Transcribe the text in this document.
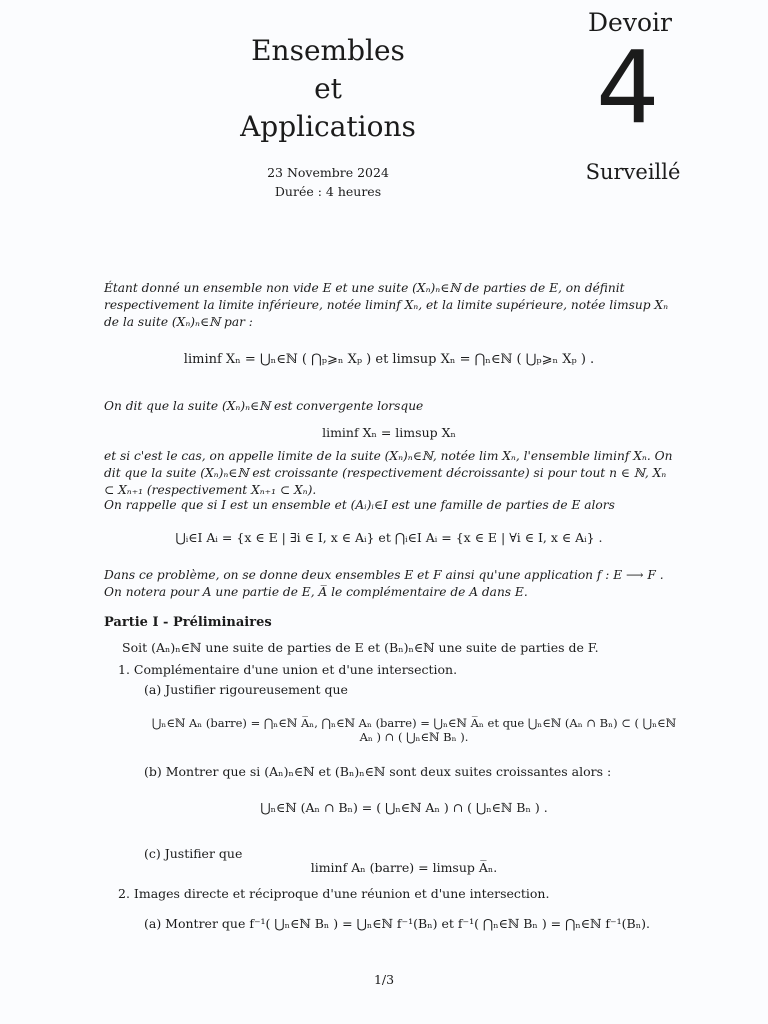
Ensembles
et
Applications
23 Novembre 2024
Durée : 4 heures
Devoir
4
Surveillé
Étant donné un ensemble non vide E et une suite (Xₙ)ₙ∈ℕ de parties de E, on définit respectivement la limite inférieure, notée liminf Xₙ, et la limite supérieure, notée limsup Xₙ de la suite (Xₙ)ₙ∈ℕ par :
liminf Xₙ = ⋃ₙ∈ℕ ( ⋂ₚ⩾ₙ Xₚ ) et limsup Xₙ = ⋂ₙ∈ℕ ( ⋃ₚ⩾ₙ Xₚ ) .
On dit que la suite (Xₙ)ₙ∈ℕ est convergente lorsque
liminf Xₙ = limsup Xₙ
et si c'est le cas, on appelle limite de la suite (Xₙ)ₙ∈ℕ, notée lim Xₙ, l'ensemble liminf Xₙ. On dit que la suite (Xₙ)ₙ∈ℕ est croissante (respectivement décroissante) si pour tout n ∈ ℕ, Xₙ ⊂ Xₙ₊₁ (respectivement Xₙ₊₁ ⊂ Xₙ).
On rappelle que si I est un ensemble et (Aᵢ)ᵢ∈I est une famille de parties de E alors
⋃ᵢ∈I Aᵢ = {x ∈ E | ∃i ∈ I, x ∈ Aᵢ} et ⋂ᵢ∈I Aᵢ = {x ∈ E | ∀i ∈ I, x ∈ Aᵢ} .
Dans ce problème, on se donne deux ensembles E et F ainsi qu'une application f : E ⟶ F .
On notera pour A une partie de E, A̅ le complémentaire de A dans E.
Partie I - Préliminaires
Soit (Aₙ)ₙ∈ℕ une suite de parties de E et (Bₙ)ₙ∈ℕ une suite de parties de F.
1. Complémentaire d'une union et d'une intersection.
(a) Justifier rigoureusement que
⋃ₙ∈ℕ Aₙ (barre) = ⋂ₙ∈ℕ A̅ₙ, ⋂ₙ∈ℕ Aₙ (barre) = ⋃ₙ∈ℕ A̅ₙ et que ⋃ₙ∈ℕ (Aₙ ∩ Bₙ) ⊂ ( ⋃ₙ∈ℕ Aₙ ) ∩ ( ⋃ₙ∈ℕ Bₙ ).
(b) Montrer que si (Aₙ)ₙ∈ℕ et (Bₙ)ₙ∈ℕ sont deux suites croissantes alors :
⋃ₙ∈ℕ (Aₙ ∩ Bₙ) = ( ⋃ₙ∈ℕ Aₙ ) ∩ ( ⋃ₙ∈ℕ Bₙ ) .
(c) Justifier que
liminf Aₙ (barre) = limsup A̅ₙ.
2. Images directe et réciproque d'une réunion et d'une intersection.
(a) Montrer que f⁻¹( ⋃ₙ∈ℕ Bₙ ) = ⋃ₙ∈ℕ f⁻¹(Bₙ) et f⁻¹( ⋂ₙ∈ℕ Bₙ ) = ⋂ₙ∈ℕ f⁻¹(Bₙ).
1/3
